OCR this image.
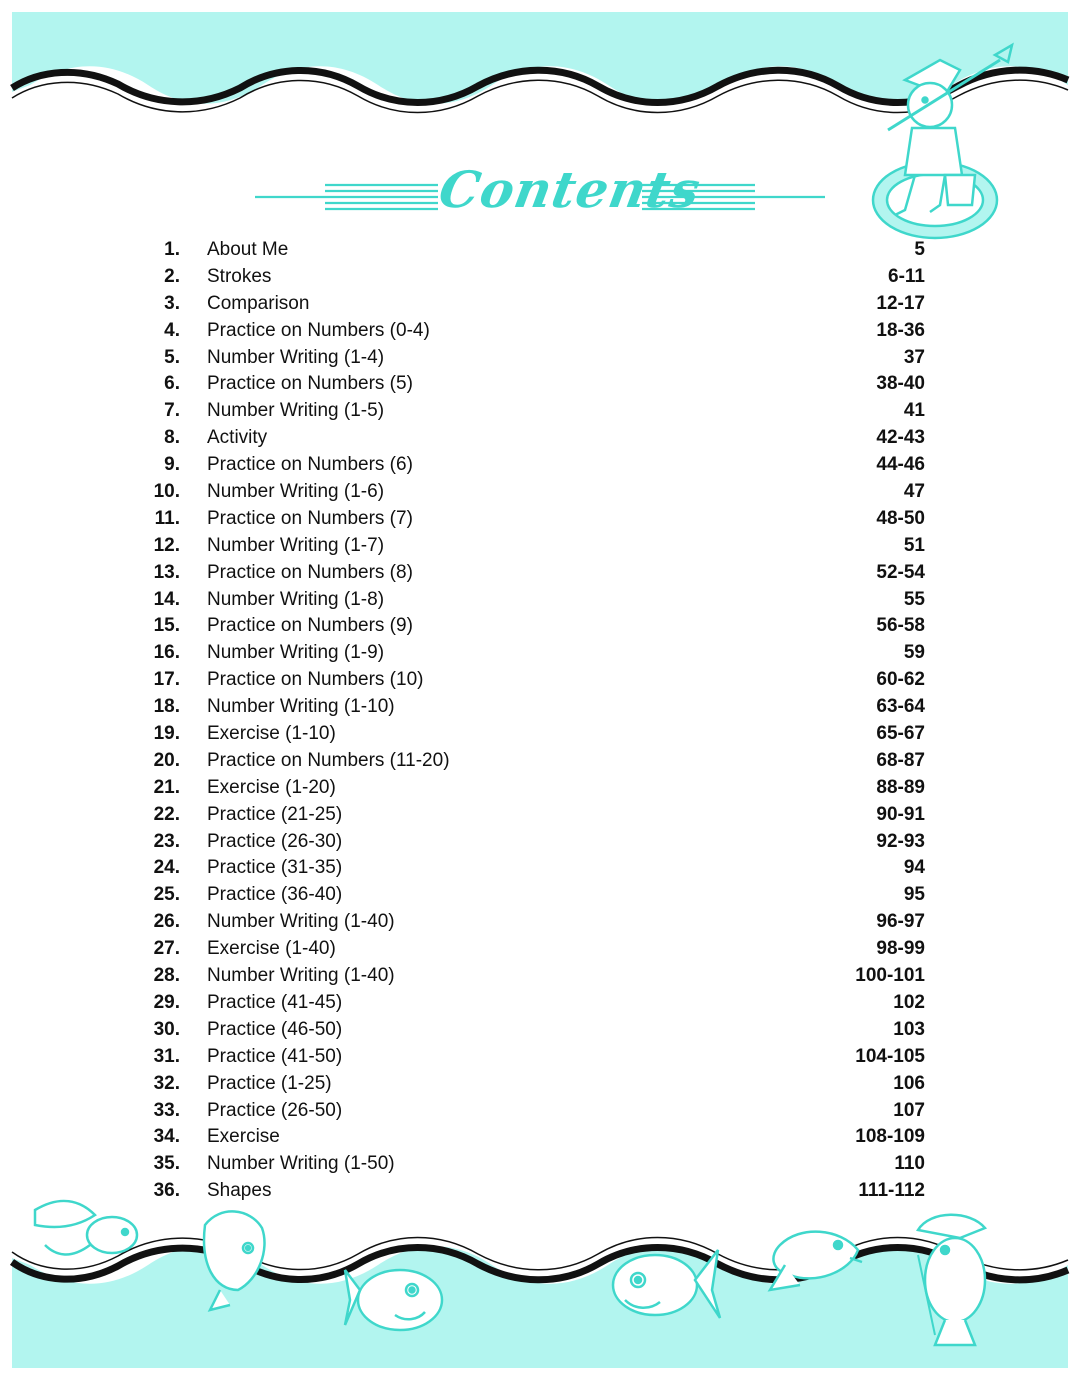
Contents
1. About Me	5
2. Strokes	6-11
3. Comparison	12-17
4. Practice on Numbers (0-4)	18-36
5. Number Writing (1-4)	37
6. Practice on Numbers (5)	38-40
7. Number Writing (1-5)	41
8. Activity	42-43
9. Practice on Numbers (6)	44-46
10. Number Writing (1-6)	47
11. Practice on Numbers (7)	48-50
12. Number Writing (1-7)	51
13. Practice on Numbers (8)	52-54
14. Number Writing (1-8)	55
15. Practice on Numbers (9)	56-58
16. Number Writing (1-9)	59
17. Practice on Numbers (10)	60-62
18. Number Writing (1-10)	63-64
19. Exercise (1-10)	65-67
20. Practice on Numbers (11-20)	68-87
21. Exercise (1-20)	88-89
22. Practice (21-25)	90-91
23. Practice (26-30)	92-93
24. Practice (31-35)	94
25. Practice (36-40)	95
26. Number Writing (1-40)	96-97
27. Exercise (1-40)	98-99
28. Number Writing (1-40)	100-101
29. Practice (41-45)	102
30. Practice (46-50)	103
31. Practice (41-50)	104-105
32. Practice (1-25)	106
33. Practice (26-50)	107
34. Exercise	108-109
35. Number Writing (1-50)	110
36. Shapes	111-112
